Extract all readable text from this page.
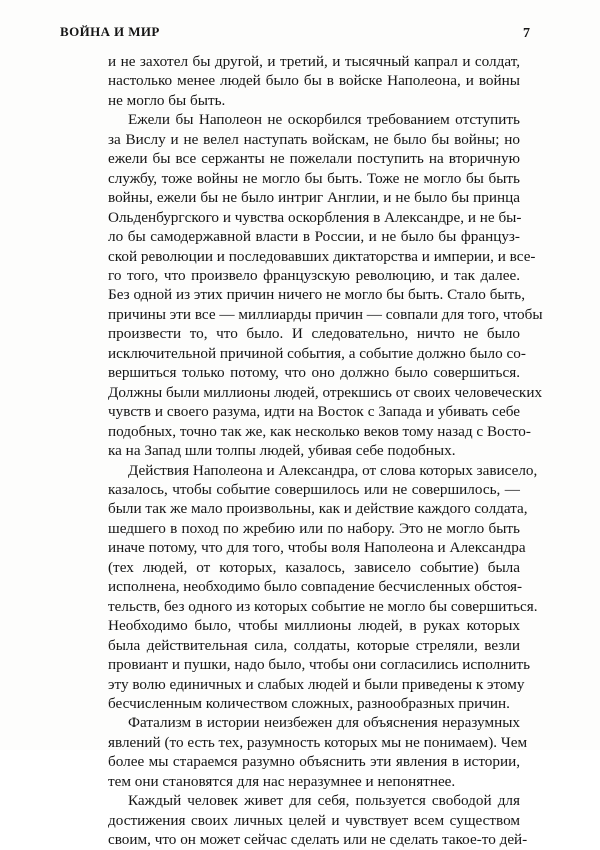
ВОЙНА И МИР	7
и не захотел бы другой, и третий, и тысячный капрал и солдат,
настолько менее людей было бы в войске Наполеона, и войны
не могло бы быть.
Ежели бы Наполеон не оскорбился требованием отступить
за Вислу и не велел наступать войскам, не было бы войны; но
ежели бы все сержанты не пожелали поступить на вторичную
службу, тоже войны не могло бы быть. Тоже не могло бы быть
войны, ежели бы не было интриг Англии, и не было бы принца
Ольденбургского и чувства оскорбления в Александре, и не бы-
ло бы самодержавной власти в России, и не было бы француз-
ской революции и последовавших диктаторства и империи, и все-
го того, что произвело французскую революцию, и так далее.
Без одной из этих причин ничего не могло бы быть. Стало быть,
причины эти все — миллиарды причин — совпали для того, чтобы
произвести то, что было. И следовательно, ничто не было
исключительной причиной события, а событие должно было со-
вершиться только потому, что оно должно было совершиться.
Должны были миллионы людей, отрекшись от своих человеческих
чувств и своего разума, идти на Восток с Запада и убивать себе
подобных, точно так же, как несколько веков тому назад с Восто-
ка на Запад шли толпы людей, убивая себе подобных.
Действия Наполеона и Александра, от слова которых зависело,
казалось, чтобы событие совершилось или не совершилось, —
были так же мало произвольны, как и действие каждого солдата,
шедшего в поход по жребию или по набору. Это не могло быть
иначе потому, что для того, чтобы воля Наполеона и Александра
(тех людей, от которых, казалось, зависело событие) была
исполнена, необходимо было совпадение бесчисленных обстоя-
тельств, без одного из которых событие не могло бы совершиться.
Необходимо было, чтобы миллионы людей, в руках которых
была действительная сила, солдаты, которые стреляли, везли
провиант и пушки, надо было, чтобы они согласились исполнить
эту волю единичных и слабых людей и были приведены к этому
бесчисленным количеством сложных, разнообразных причин.
Фатализм в истории неизбежен для объяснения неразумных
явлений (то есть тех, разумность которых мы не понимаем). Чем
более мы стараемся разумно объяснить эти явления в истории,
тем они становятся для нас неразумнее и непонятнее.
Каждый человек живет для себя, пользуется свободой для
достижения своих личных целей и чувствует всем существом
своим, что он может сейчас сделать или не сделать такое-то дей-
